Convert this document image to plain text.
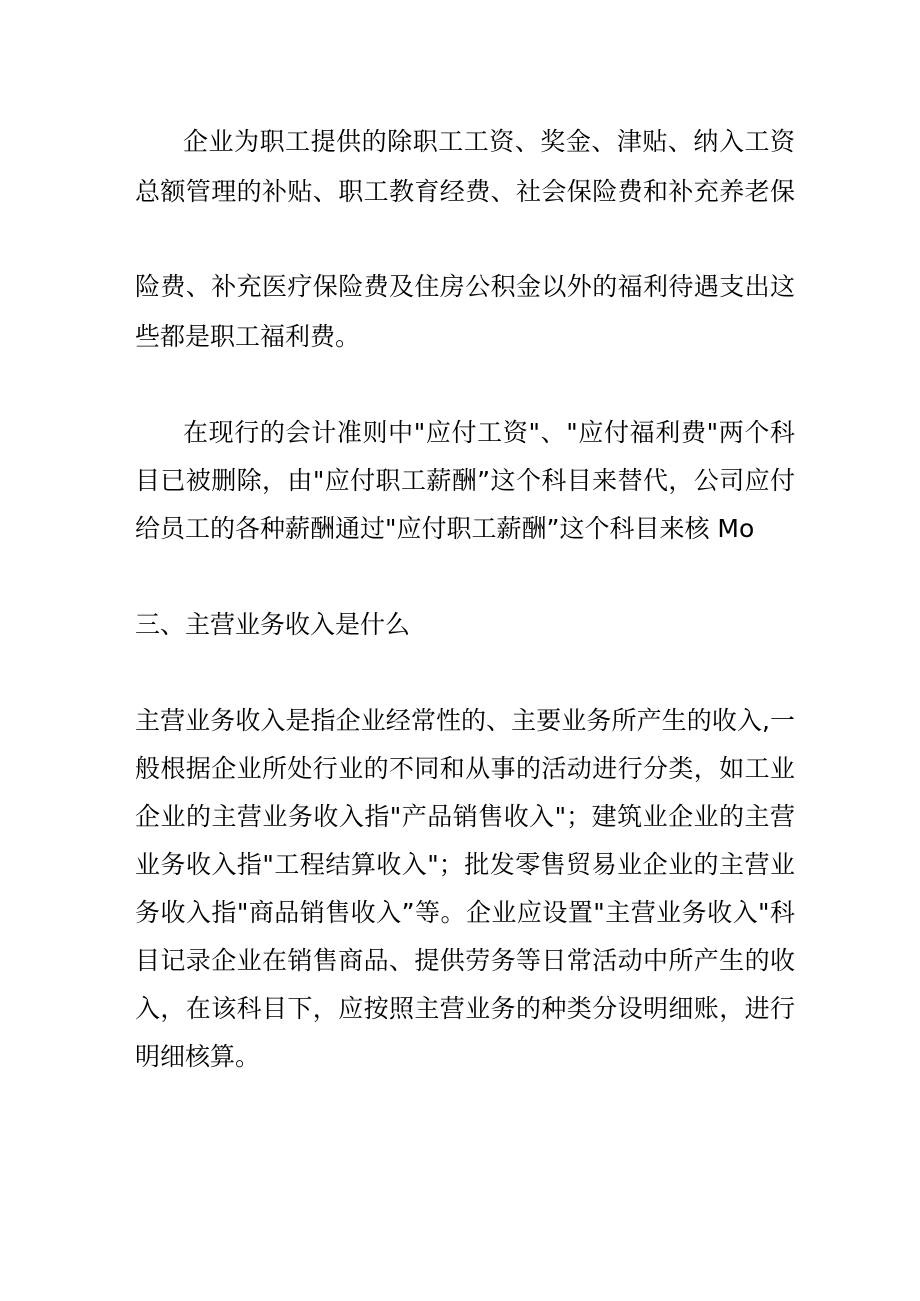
企业为职工提供的除职工工资、奖金、津贴、纳入工资

总额管理的补贴、职工教育经费、社会保险费和补充养老保

险费、补充医疗保险费及住房公积金以外的福利待遇支出这

些都是职工福利费。

在现行的会计准则中"应付工资"、"应付福利费"两个科

目已被删除，由"应付职工薪酬”这个科目来替代，公司应付

给员工的各种薪酬通过"应付职工薪酬”这个科目来核 Mo

三、主营业务收入是什么

主营业务收入是指企业经常性的、主要业务所产生的收入,一

般根据企业所处行业的不同和从事的活动进行分类，如工业

企业的主营业务收入指"产品销售收入"；建筑业企业的主营

业务收入指"工程结算收入"；批发零售贸易业企业的主营业

务收入指"商品销售收入”等。企业应设置"主营业务收入"科

目记录企业在销售商品、提供劳务等日常活动中所产生的收

入，在该科目下，应按照主营业务的种类分设明细账，进行

明细核算。
